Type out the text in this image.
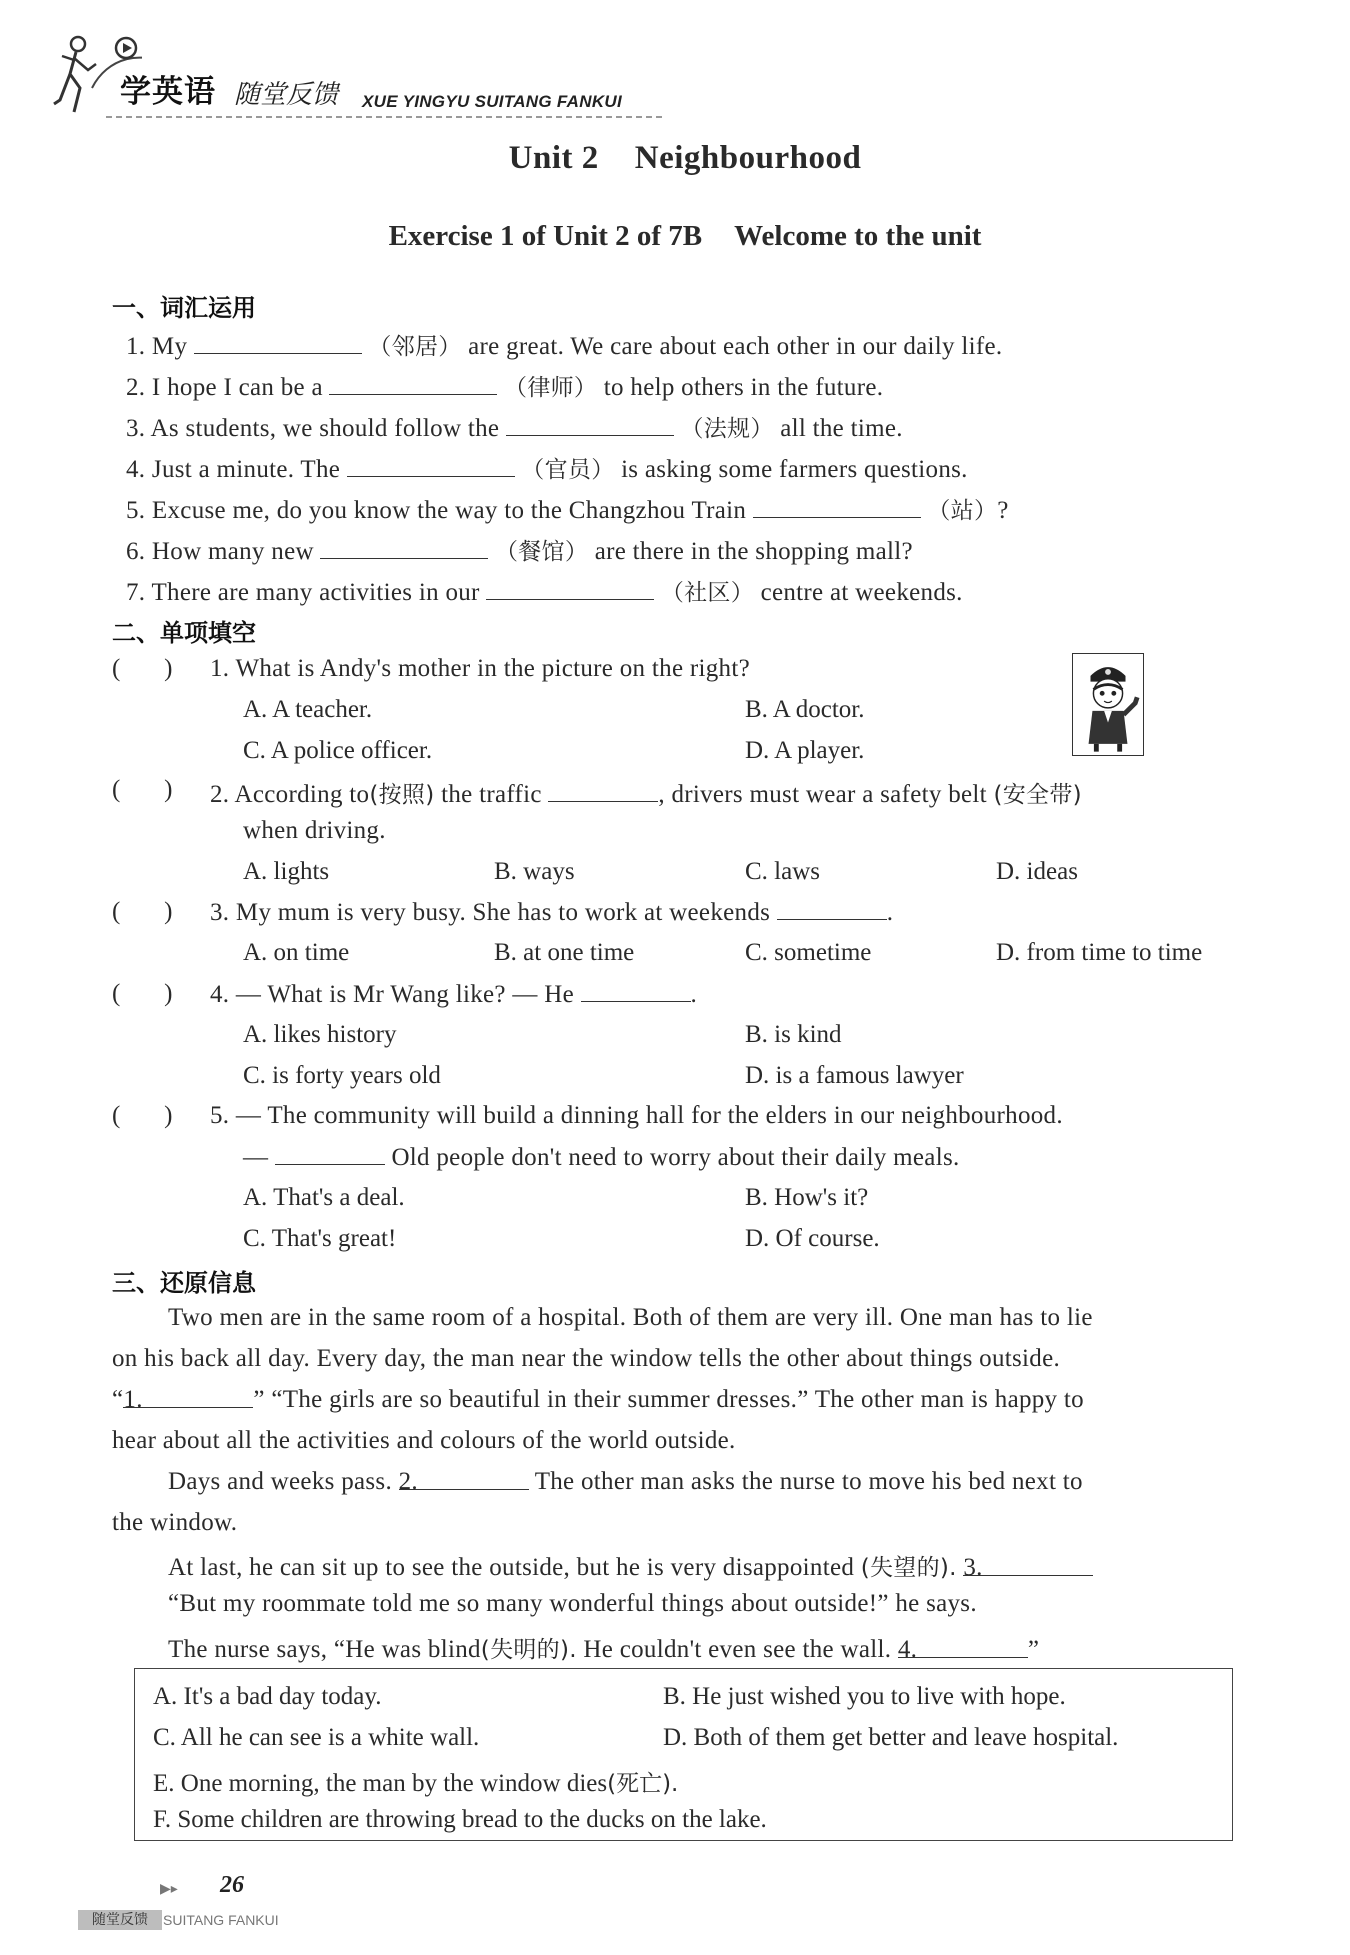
学英语 随堂反馈 XUE YINGYU SUITANG FANKUI
Unit 2 Neighbourhood
Exercise 1 of Unit 2 of 7B Welcome to the unit
一、词汇运用
1. My	（邻居） are great. We care about each other in our daily life.
2. I hope I can be a	（律师） to help others in the future.
3. As students, we should follow the	（法规） all the time.
4. Just a minute. The	（官员） is asking some farmers questions.
5. Excuse me, do you know the way to the Changzhou Train	（站）?
6. How many new	（餐馆） are there in the shopping mall?
7. There are many activities in our	（社区） centre at weekends.
二、单项填空
(       ) 1. What is Andy's mother in the picture on the right?
A. A teacher.	B. A doctor.
C. A police officer.	D. A player.
(       ) 2. According to(按照) the traffic	, drivers must wear a safety belt (安全带)
when driving.
A. lights	B. ways	C. laws	D. ideas
(       ) 3. My mum is very busy. She has to work at weekends	.
A. on time	B. at one time	C. sometime	D. from time to time
(       ) 4. — What is Mr Wang like? — He	.
A. likes history	B. is kind
C. is forty years old	D. is a famous lawyer
(       ) 5. — The community will build a dinning hall for the elders in our neighbourhood.
—	Old people don't need to worry about their daily meals.
A. That's a deal.	B. How's it?
C. That's great!	D. Of course.
三、还原信息
Two men are in the same room of a hospital. Both of them are very ill. One man has to lie
on his back all day. Every day, the man near the window tells the other about things outside.
“1.	” “The girls are so beautiful in their summer dresses.” The other man is happy to
hear about all the activities and colours of the world outside.
Days and weeks pass. 2.	The other man asks the nurse to move his bed next to
the window.
At last, he can sit up to see the outside, but he is very disappointed (失望的). 3.
“But my roommate told me so many wonderful things about outside!” he says.
The nurse says, “He was blind(失明的). He couldn't even see the wall. 4.	”
A. It's a bad day today.	B. He just wished you to live with hope.
C. All he can see is a white wall.	D. Both of them get better and leave hospital.
E. One morning, the man by the window dies(死亡).
F. Some children are throwing bread to the ducks on the lake.
▶▸ 26
随堂反馈	SUITANG FANKUI
